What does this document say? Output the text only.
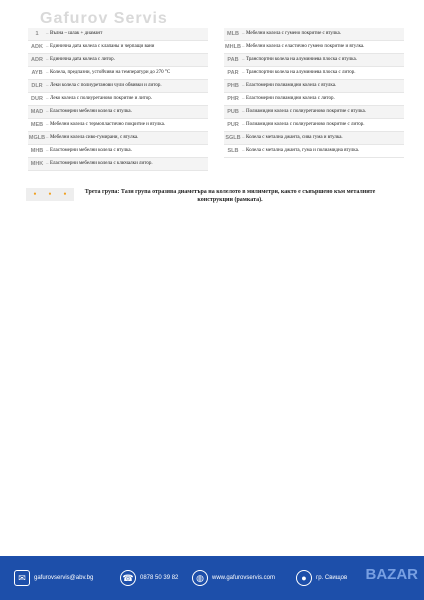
Gafurov Servis
1	– Вълна – шлак + диамант
ADK – Единична дата колела с клапаны и черпащи вани
ADR – Единична дата колела с литор.
AYB – Колела, предпазни, устойчиви на температури до 270 °C
DLR – Леки колела с полиуретанови чули обвивки и литор.
DUR – Леко колела с полиуретаново покритие и литор.
MAD – Еластомерни мебелни колела с втулка.
MEB – Мебелни колела с термопластично покритие и втулка.
MGLB – Мебелни колела сиво-гумирани, с втулка.
MHB – Еластомерни мебелни колела с втулка.
MHK – Еластомерни мебелни колела с ключалки литор.
MLB – Мебелни колела с гумено покритие с втулка.
MHLB – Мебелни колела с еластично гумено покритие и втулка.
PAB – Транспортни колела на алуминиева плоска с втулка.
PAR – Транспортни колела на алуминиева плоска с литор.
PHB – Еластомерни полиамидни колела с втулка.
PHR – Еластомерни полиамидни колела с литор.
PUB – Полиамидни колела с полиуретаново покритие с втулка.
PUR – Полиамидни колела с полиуретаново покритие с литор.
SGLB – Колела с метална джанта, сива гума и втулка.
SLB – Колела с метална джанта, гума и полиамидна втулка.
•	•	•	Трета група: Тази група отразява диаметъра на колелото в милиметри, както е съвършено към металните конструкции (рамката).
✉	gafurovservis@abv.bg	☎	0878 50 39 82	◍	www.gafurovservis.com	●	гр. Свищов BAZAR
